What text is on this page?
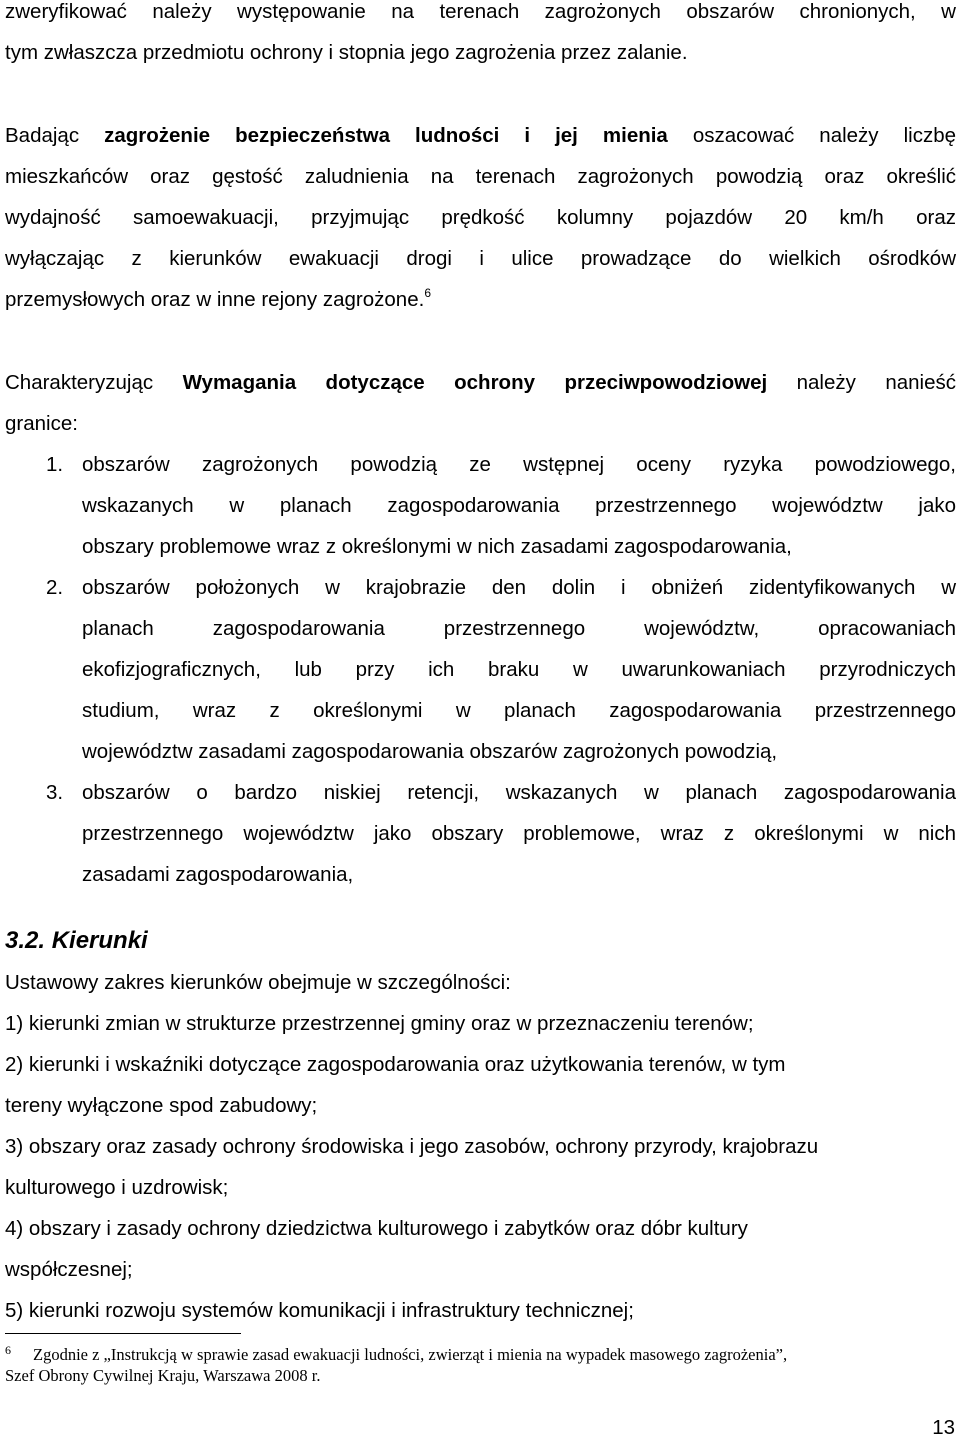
zweryfikować należy występowanie na terenach zagrożonych obszarów chronionych, w

tym zwłaszcza przedmiotu ochrony i stopnia jego zagrożenia przez zalanie.

Badając zagrożenie bezpieczeństwa ludności i jej mienia oszacować należy liczbę

mieszkańców oraz gęstość zaludnienia na terenach zagrożonych powodzią oraz określić

wydajność samoewakuacji, przyjmując prędkość kolumny pojazdów 20 km/h oraz

wyłączając z kierunków ewakuacji drogi i ulice prowadzące do wielkich ośrodków

przemysłowych oraz w inne rejony zagrożone.$^6$

Charakteryzując Wymagania dotyczące ochrony przeciwpowodziowej należy nanieść

granice:

1. obszarów zagrożonych powodzią ze wstępnej oceny ryzyka powodziowego,

wskazanych w planach zagospodarowania przestrzennego województw jako

obszary problemowe wraz z określonymi w nich zasadami zagospodarowania,

2. obszarów położonych w krajobrazie den dolin i obniżeń zidentyfikowanych w

planach zagospodarowania przestrzennego województw, opracowaniach

ekofizjograficznych, lub przy ich braku w uwarunkowaniach przyrodniczych

studium, wraz z określonymi w planach zagospodarowania przestrzennego

województw zasadami zagospodarowania obszarów zagrożonych powodzią,

3. obszarów o bardzo niskiej retencji, wskazanych w planach zagospodarowania

przestrzennego województw jako obszary problemowe, wraz z określonymi w nich

zasadami zagospodarowania,

3.2. Kierunki

Ustawowy zakres kierunków obejmuje w szczególności:

1) kierunki zmian w strukturze przestrzennej gminy oraz w przeznaczeniu terenów;

2) kierunki i wskaźniki dotyczące zagospodarowania oraz użytkowania terenów, w tym

tereny wyłączone spod zabudowy;

3) obszary oraz zasady ochrony środowiska i jego zasobów, ochrony przyrody, krajobrazu

kulturowego i uzdrowisk;

4) obszary i zasady ochrony dziedzictwa kulturowego i zabytków oraz dóbr kultury

współczesnej;

5) kierunki rozwoju systemów komunikacji i infrastruktury technicznej;

6 Zgodnie z „Instrukcją w sprawie zasad ewakuacji ludności, zwierząt i mienia na wypadek masowego zagrożenia”,
Szef Obrony Cywilnej Kraju, Warszawa 2008 r.
13
